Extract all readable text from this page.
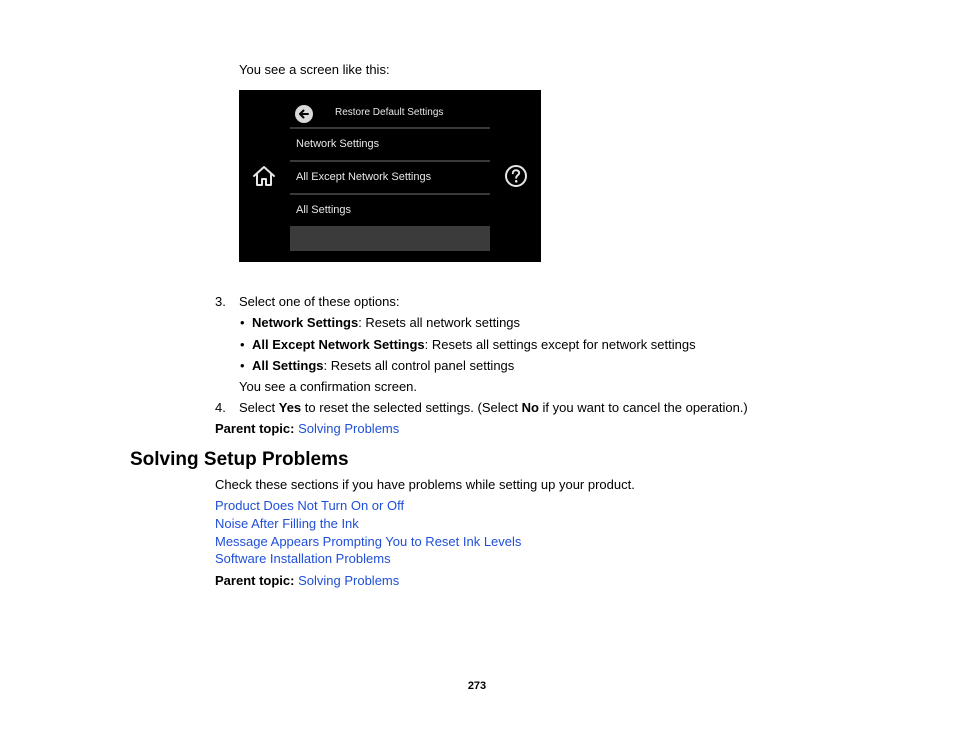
You see a screen like this:
Restore Default Settings
Network Settings
All Except Network Settings
All Settings
3. Select one of these options:
• Network Settings: Resets all network settings
• All Except Network Settings: Resets all settings except for network settings
• All Settings: Resets all control panel settings
You see a confirmation screen.
4. Select Yes to reset the selected settings. (Select No if you want to cancel the operation.)
Parent topic: Solving Problems
Solving Setup Problems
Check these sections if you have problems while setting up your product.
Product Does Not Turn On or Off
Noise After Filling the Ink
Message Appears Prompting You to Reset Ink Levels
Software Installation Problems
Parent topic: Solving Problems
273
